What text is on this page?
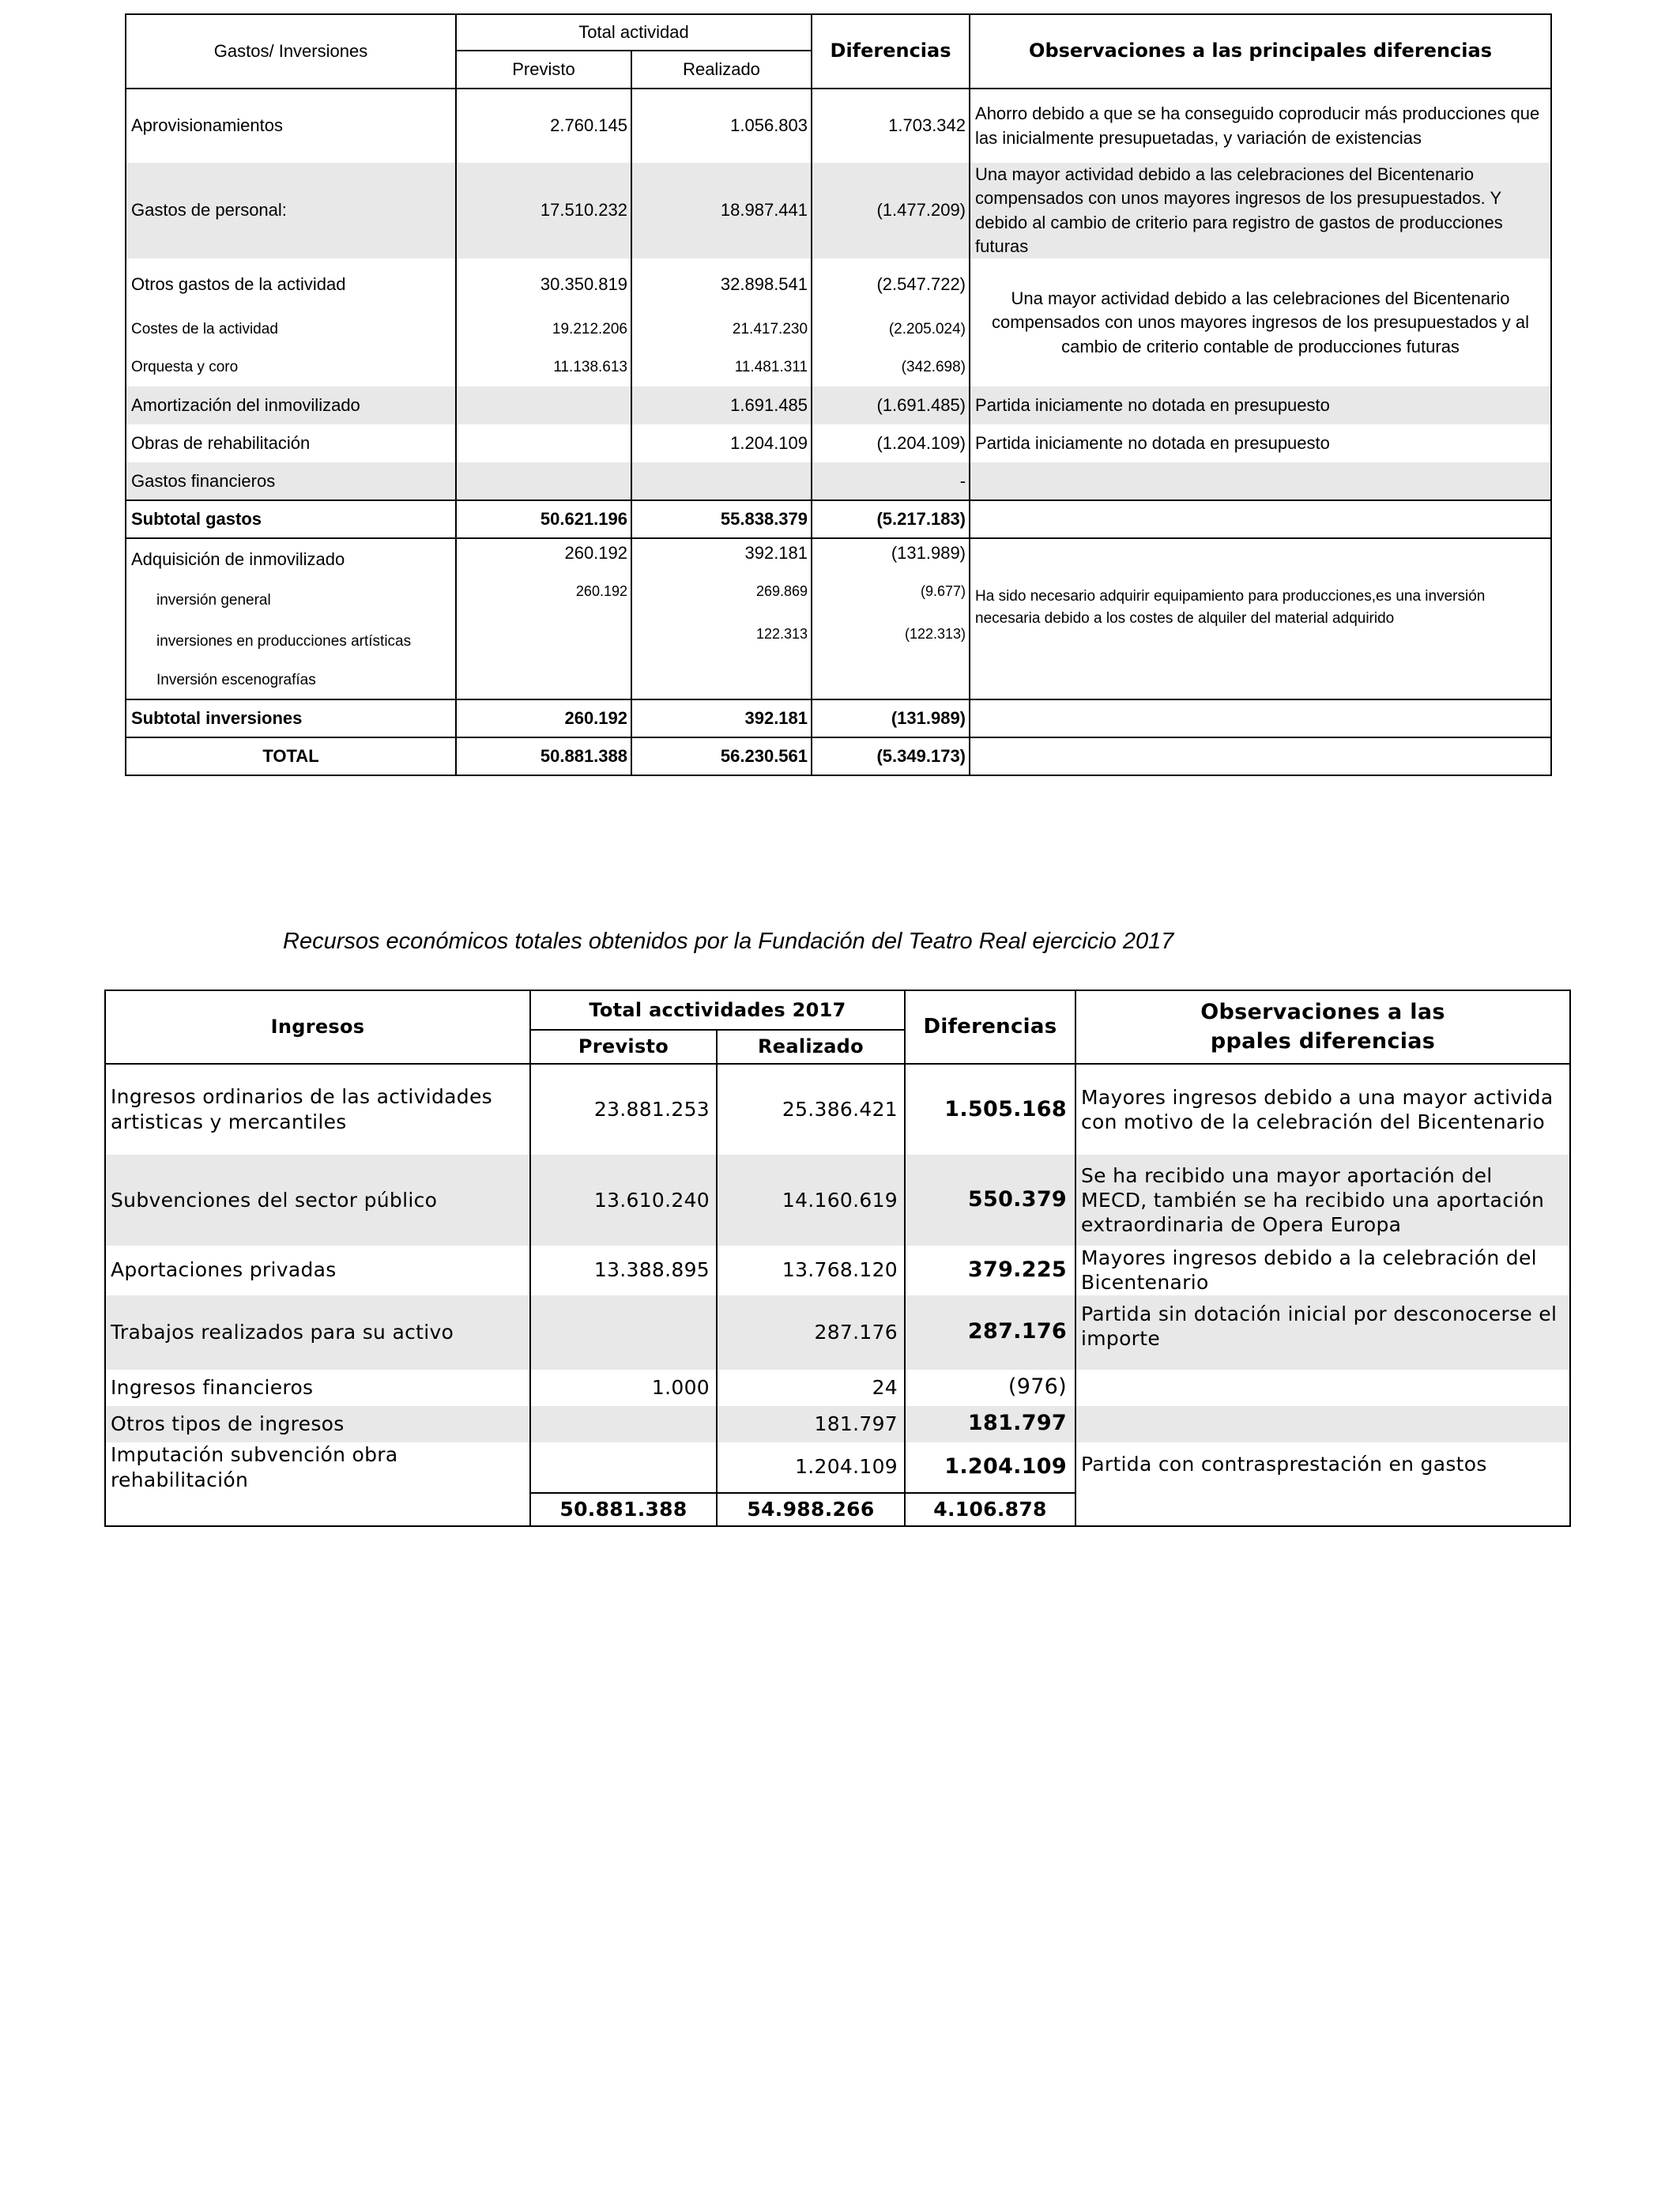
Gastos/ Inversiones	Total actividad		Diferencias	Observaciones a las principales diferencias
	Previsto	Realizado		
Aprovisionamientos	2.760.145	1.056.803	1.703.342	Ahorro debido a que se ha conseguido coproducir más producciones que las inicialmente presupuetadas, y variación de existencias
Gastos de personal:	17.510.232	18.987.441	(1.477.209)	Una mayor actividad debido a las celebraciones del Bicentenario compensados con unos mayores ingresos de los presupuestados. Y debido al cambio de criterio para registro de gastos de producciones futuras
Otros gastos de la actividad	30.350.819	32.898.541	(2.547.722)	Una mayor actividad debido a las celebraciones del Bicentenario compensados con unos mayores ingresos de los presupuestados y al cambio de criterio contable de producciones futuras
Costes de la actividad	19.212.206	21.417.230	(2.205.024)	
Orquesta y coro	11.138.613	11.481.311	(342.698)	
Amortización del inmovilizado		1.691.485	(1.691.485)	Partida iniciamente no dotada en presupuesto
Obras de rehabilitación		1.204.109	(1.204.109)	Partida iniciamente no dotada en presupuesto
Gastos financieros			-	
Subtotal gastos	50.621.196	55.838.379	(5.217.183)	
Adquisición de inmovilizado	260.192	392.181	(131.989)	
inversión general	260.192	269.869	(9.677)	Ha sido necesario adquirir equipamiento para producciones,es una inversión necesaria debido a los costes de alquiler del material adquirido
inversiones en producciones artísticas		122.313	(122.313)	
Inversión escenografías				
Subtotal inversiones	260.192	392.181	(131.989)	
TOTAL	50.881.388	56.230.561	(5.349.173)	
Recursos económicos totales obtenidos por la Fundación del Teatro Real ejercicio 2017
Ingresos	Total acctividades 2017		Diferencias	Observaciones a las
ppales diferencias
	Previsto	Realizado		
Ingresos ordinarios de las actividades artisticas y mercantiles	23.881.253	25.386.421	1.505.168	Mayores ingresos debido a una mayor activida con motivo de la celebración del Bicentenario
Subvenciones del sector público	13.610.240	14.160.619	550.379	Se ha recibido una mayor aportación del MECD, también se ha recibido una aportación extraordinaria de Opera Europa
Aportaciones privadas	13.388.895	13.768.120	379.225	Mayores ingresos debido a la celebración del Bicentenario
Trabajos realizados para su activo		287.176	287.176	Partida sin dotación inicial por desconocerse el importe
Ingresos financieros	1.000	24	(976)	
Otros tipos de ingresos		181.797	181.797	
Imputación subvención obra rehabilitación		1.204.109	1.204.109	Partida con contrasprestación en gastos
	50.881.388	54.988.266	4.106.878	
